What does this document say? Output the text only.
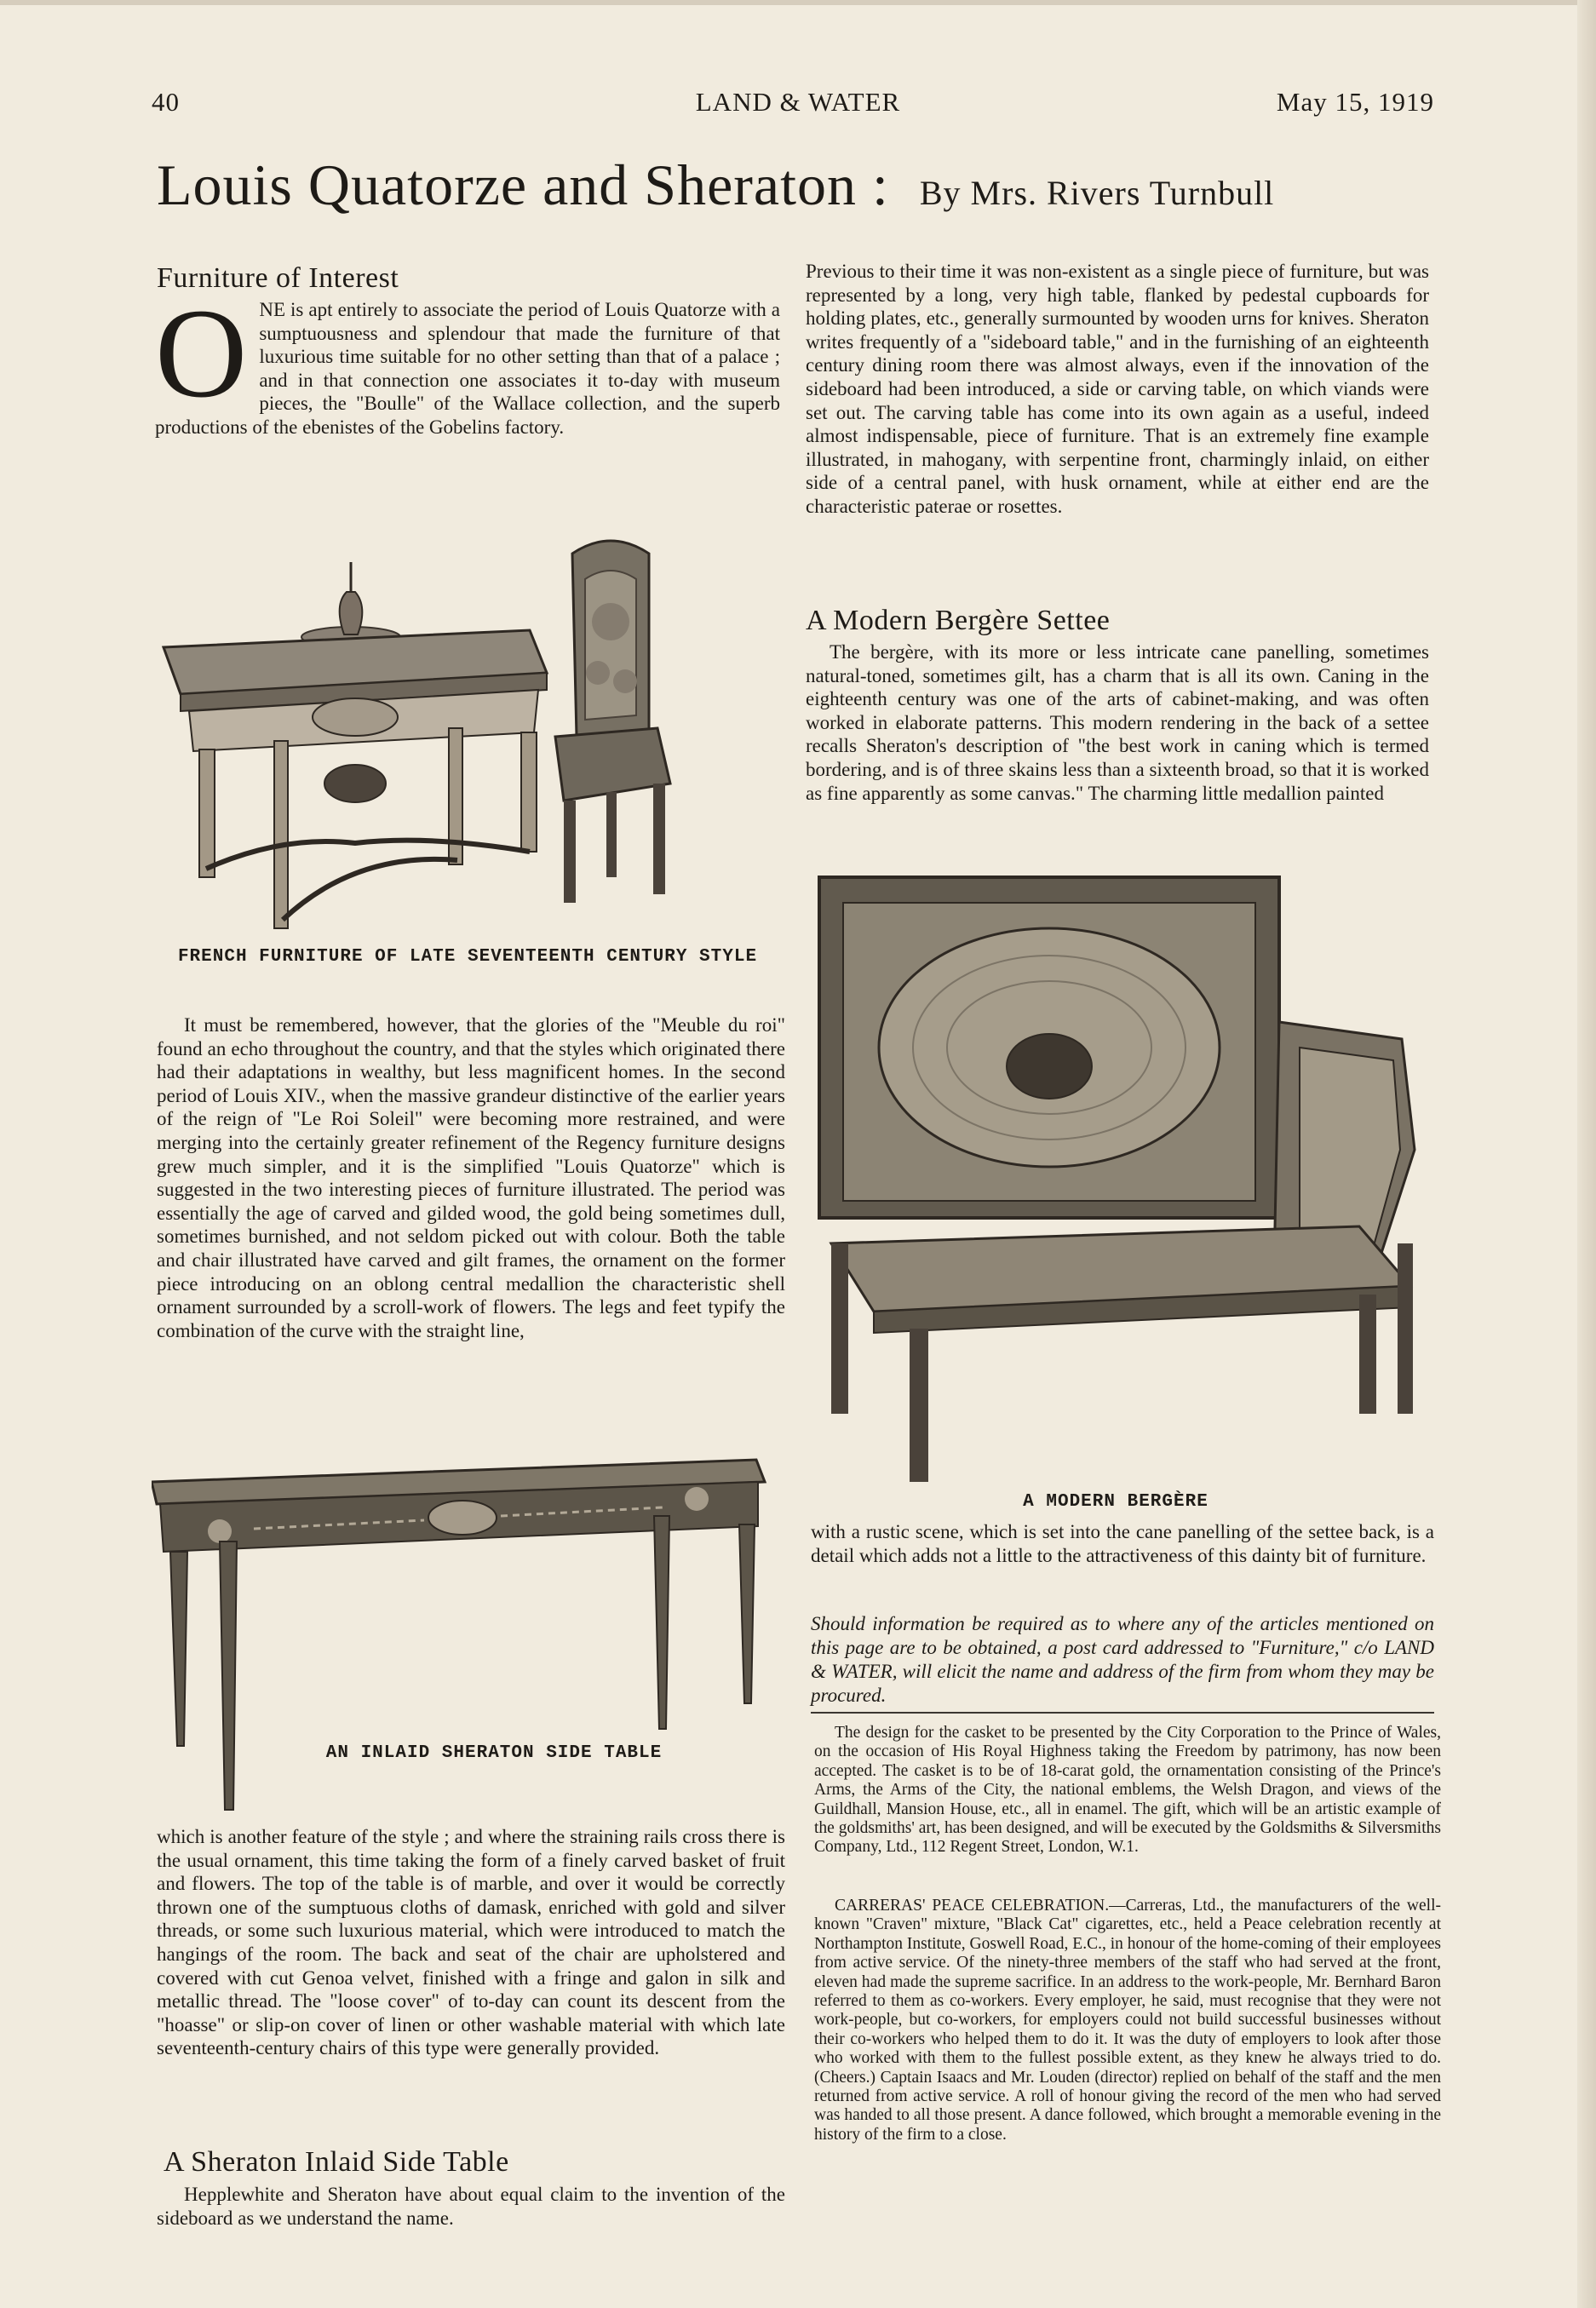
40	LAND & WATER	May 15, 1919
Louis Quatorze and Sheraton : By Mrs. Rivers Turnbull
Furniture of Interest
O NE is apt entirely to associate the period of Louis Quatorze with a sumptuousness and splendour that made the furniture of that luxurious time suitable for no other setting than that of a palace ; and in that connection one associates it to-day with museum pieces, the "Boulle" of the Wallace collection, and the superb productions of the ebenistes of the Gobelins factory.
FRENCH FURNITURE OF LATE SEVENTEENTH CENTURY STYLE

It must be remembered, however, that the glories of the "Meuble du roi" found an echo throughout the country, and that the styles which originated there had their adaptations in wealthy, but less magnificent homes. In the second period of Louis XIV., when the massive grandeur distinctive of the earlier years of the reign of "Le Roi Soleil" were becoming more restrained, and were merging into the certainly greater refinement of the Regency furniture designs grew much simpler, and it is the simplified "Louis Quatorze" which is suggested in the two interesting pieces of furniture illustrated. The period was essentially the age of carved and gilded wood, the gold being sometimes dull, sometimes burnished, and not seldom picked out with colour. Both the table and chair illustrated have carved and gilt frames, the ornament on the former piece introducing on an oblong central medallion the characteristic shell ornament surrounded by a scroll-work of flowers. The legs and feet typify the combination of the curve with the straight line,

AN INLAID SHERATON SIDE TABLE

which is another feature of the style ; and where the straining rails cross there is the usual ornament, this time taking the form of a finely carved basket of fruit and flowers. The top of the table is of marble, and over it would be correctly thrown one of the sumptuous cloths of damask, enriched with gold and silver threads, or some such luxurious material, which were introduced to match the hangings of the room. The back and seat of the chair are upholstered and covered with cut Genoa velvet, finished with a fringe and galon in silk and metallic thread. The "loose cover" of to-day can count its descent from the "hoasse" or slip-on cover of linen or other washable material with which late seventeenth-century chairs of this type were generally provided.

A Sheraton Inlaid Side Table

Hepplewhite and Sheraton have about equal claim to the invention of the sideboard as we understand the name.

Previous to their time it was non-existent as a single piece of furniture, but was represented by a long, very high table, flanked by pedestal cupboards for holding plates, etc., generally surmounted by wooden urns for knives. Sheraton writes frequently of a "sideboard table," and in the furnishing of an eighteenth century dining room there was almost always, even if the innovation of the sideboard had been introduced, a side or carving table, on which viands were set out. The carving table has come into its own again as a useful, indeed almost indispensable, piece of furniture. That is an extremely fine example illustrated, in mahogany, with serpentine front, charmingly inlaid, on either side of a central panel, with husk ornament, while at either end are the characteristic paterae or rosettes.

A Modern Bergère Settee

The bergère, with its more or less intricate cane panelling, sometimes natural-toned, sometimes gilt, has a charm that is all its own. Caning in the eighteenth century was one of the arts of cabinet-making, and was often worked in elaborate patterns. This modern rendering in the back of a settee recalls Sheraton's description of "the best work in caning which is termed bordering, and is of three skains less than a sixteenth broad, so that it is worked as fine apparently as some canvas." The charming little medallion painted

A MODERN BERGÈRE

with a rustic scene, which is set into the cane panelling of the settee back, is a detail which adds not a little to the attractiveness of this dainty bit of furniture.

Should information be required as to where any of the articles mentioned on this page are to be obtained, a post card addressed to "Furniture," c/o LAND & WATER, will elicit the name and address of the firm from whom they may be procured.

The design for the casket to be presented by the City Corporation to the Prince of Wales, on the occasion of His Royal Highness taking the Freedom by patrimony, has now been accepted. The casket is to be of 18-carat gold, the ornamentation consisting of the Prince's Arms, the Arms of the City, the national emblems, the Welsh Dragon, and views of the Guildhall, Mansion House, etc., all in enamel. The gift, which will be an artistic example of the goldsmiths' art, has been designed, and will be executed by the Goldsmiths & Silversmiths Company, Ltd., 112 Regent Street, London, W.1.

CARRERAS' PEACE CELEBRATION.—Carreras, Ltd., the manufacturers of the well-known "Craven" mixture, "Black Cat" cigarettes, etc., held a Peace celebration recently at Northampton Institute, Goswell Road, E.C., in honour of the home-coming of their employees from active service. Of the ninety-three members of the staff who had served at the front, eleven had made the supreme sacrifice. In an address to the work-people, Mr. Bernhard Baron referred to them as co-workers. Every employer, he said, must recognise that they were not work-people, but co-workers, for employers could not build successful businesses without their co-workers who helped them to do it. It was the duty of employers to look after those who worked with them to the fullest possible extent, as they knew he always tried to do. (Cheers.) Captain Isaacs and Mr. Louden (director) replied on behalf of the staff and the men returned from active service. A roll of honour giving the record of the men who had served was handed to all those present. A dance followed, which brought a memorable evening in the history of the firm to a close.
